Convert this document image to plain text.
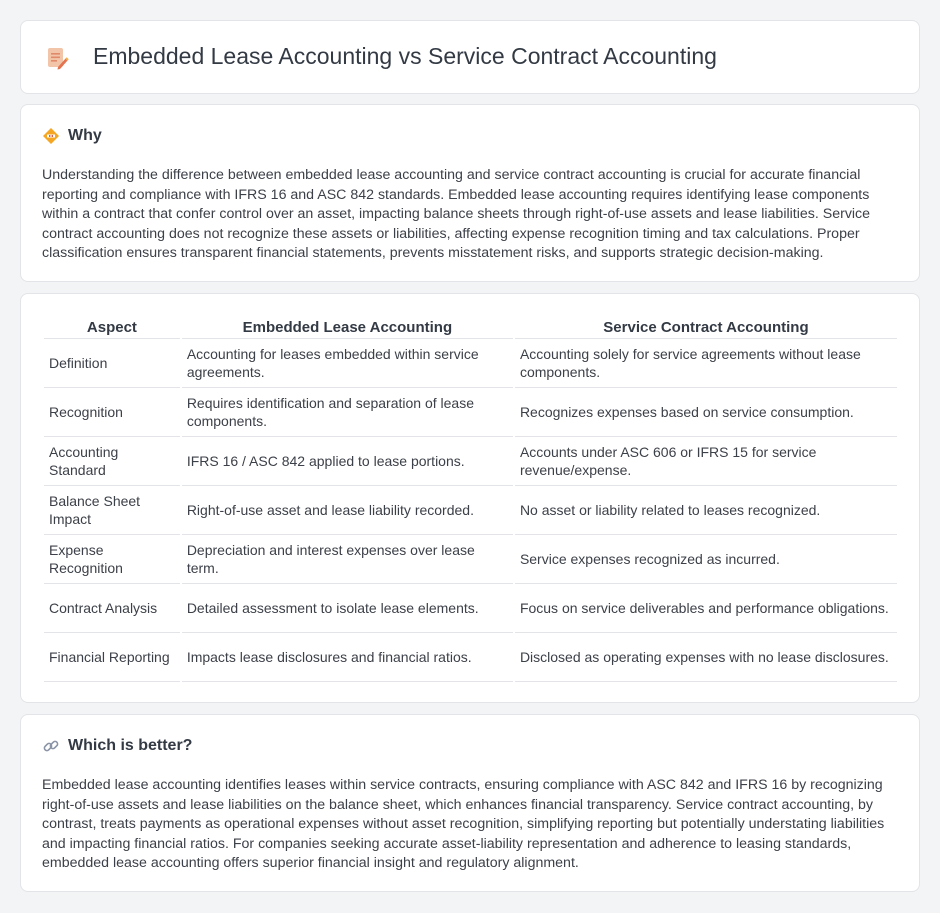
Embedded Lease Accounting vs Service Contract Accounting
Why

Understanding the difference between embedded lease accounting and service contract accounting is crucial for accurate financial reporting and compliance with IFRS 16 and ASC 842 standards. Embedded lease accounting requires identifying lease components within a contract that confer control over an asset, impacting balance sheets through right-of-use assets and lease liabilities. Service contract accounting does not recognize these assets or liabilities, affecting expense recognition timing and tax calculations. Proper classification ensures transparent financial statements, prevents misstatement risks, and supports strategic decision-making.

Aspect	Embedded Lease Accounting	Service Contract Accounting
Definition	Accounting for leases embedded within service agreements.	Accounting solely for service agreements without lease components.
Recognition	Requires identification and separation of lease components.	Recognizes expenses based on service consumption.
Accounting Standard	IFRS 16 / ASC 842 applied to lease portions.	Accounts under ASC 606 or IFRS 15 for service revenue/expense.
Balance Sheet Impact	Right-of-use asset and lease liability recorded.	No asset or liability related to leases recognized.
Expense Recognition	Depreciation and interest expenses over lease term.	Service expenses recognized as incurred.
Contract Analysis	Detailed assessment to isolate lease elements.	Focus on service deliverables and performance obligations.
Financial Reporting	Impacts lease disclosures and financial ratios.	Disclosed as operating expenses with no lease disclosures.
Which is better?

Embedded lease accounting identifies leases within service contracts, ensuring compliance with ASC 842 and IFRS 16 by recognizing right-of-use assets and lease liabilities on the balance sheet, which enhances financial transparency. Service contract accounting, by contrast, treats payments as operational expenses without asset recognition, simplifying reporting but potentially understating liabilities and impacting financial ratios. For companies seeking accurate asset-liability representation and adherence to leasing standards, embedded lease accounting offers superior financial insight and regulatory alignment.
